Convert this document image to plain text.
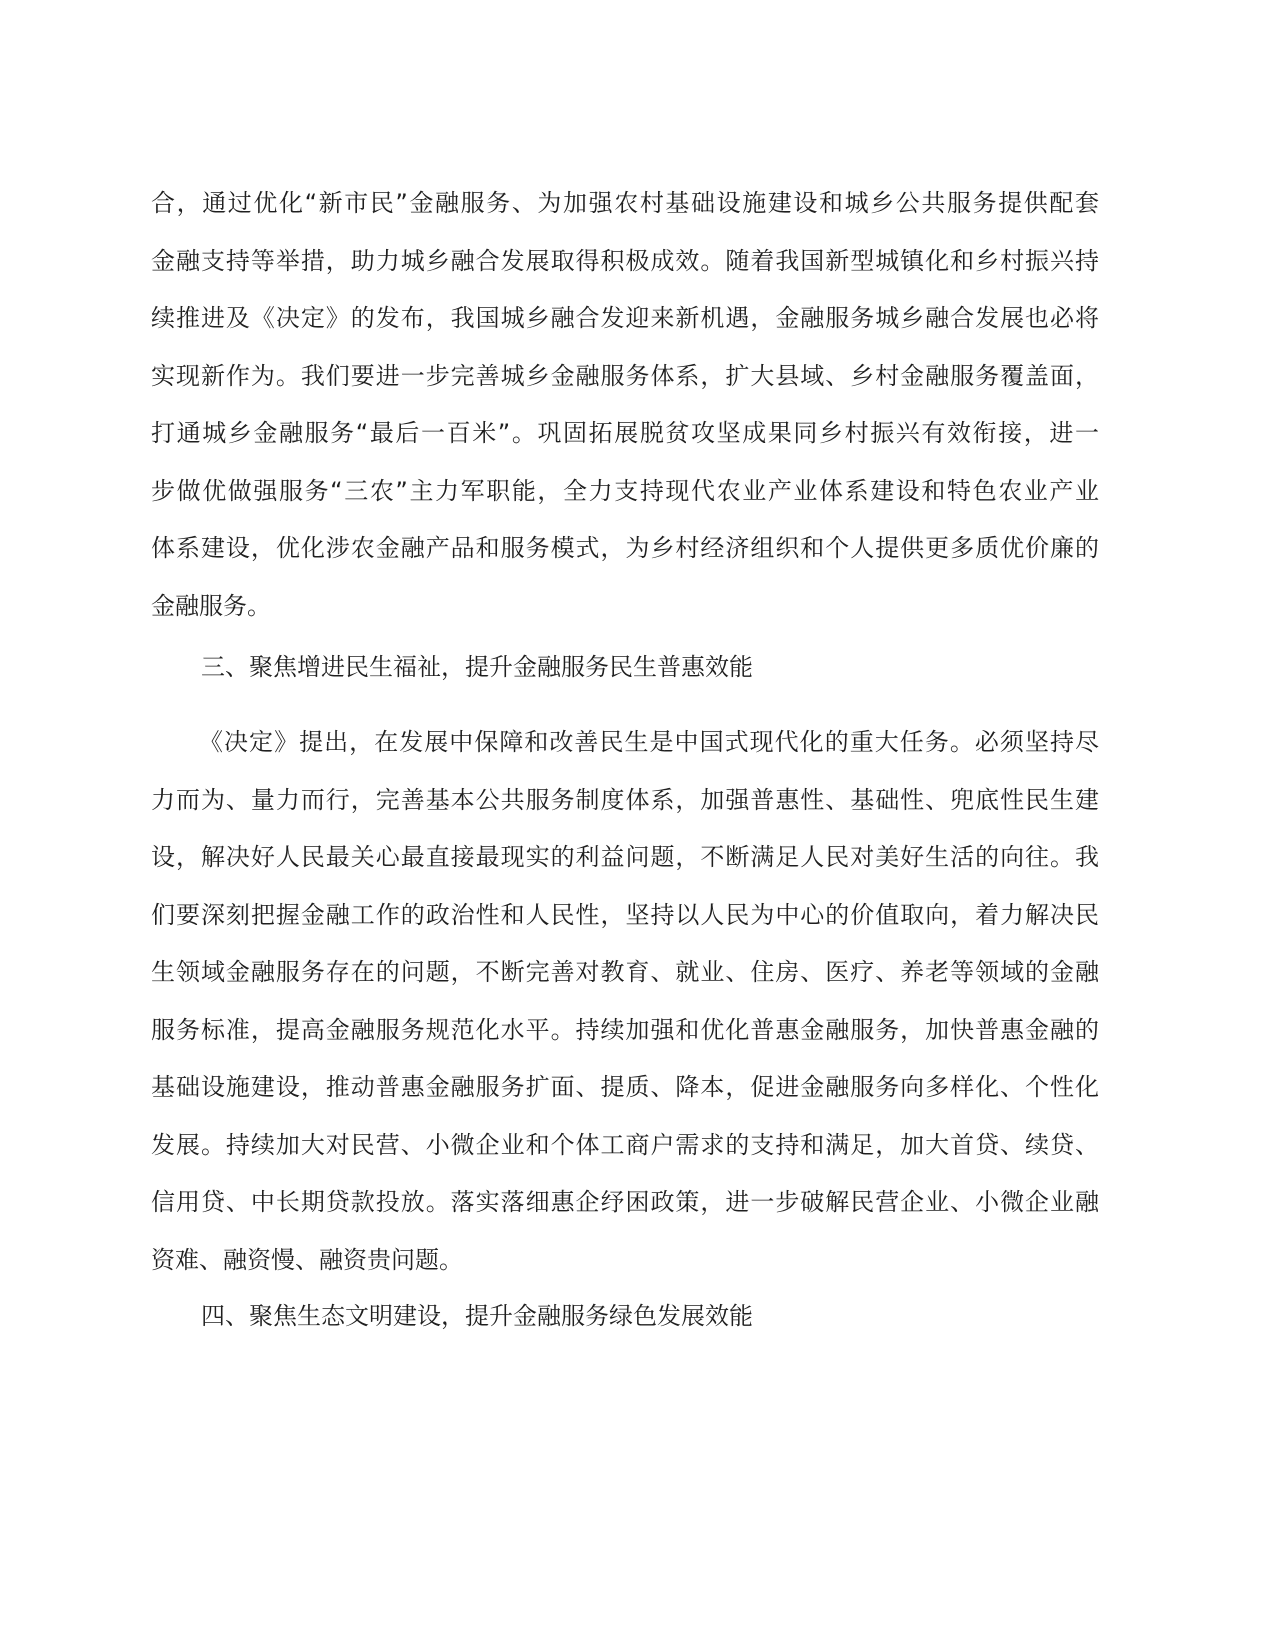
合，通过优化“新市民”金融服务、为加强农村基础设施建设和城乡公共服务提供配套
金融支持等举措，助力城乡融合发展取得积极成效。随着我国新型城镇化和乡村振兴持
续推进及《决定》的发布，我国城乡融合发迎来新机遇，金融服务城乡融合发展也必将
实现新作为。我们要进一步完善城乡金融服务体系，扩大县域、乡村金融服务覆盖面，
打通城乡金融服务“最后一百米”。巩固拓展脱贫攻坚成果同乡村振兴有效衔接，进一
步做优做强服务“三农”主力军职能，全力支持现代农业产业体系建设和特色农业产业
体系建设，优化涉农金融产品和服务模式，为乡村经济组织和个人提供更多质优价廉的
金融服务。
三、聚焦增进民生福祉，提升金融服务民生普惠效能
《决定》提出，在发展中保障和改善民生是中国式现代化的重大任务。必须坚持尽
力而为、量力而行，完善基本公共服务制度体系，加强普惠性、基础性、兜底性民生建
设，解决好人民最关心最直接最现实的利益问题，不断满足人民对美好生活的向往。我
们要深刻把握金融工作的政治性和人民性，坚持以人民为中心的价值取向，着力解决民
生领域金融服务存在的问题，不断完善对教育、就业、住房、医疗、养老等领域的金融
服务标准，提高金融服务规范化水平。持续加强和优化普惠金融服务，加快普惠金融的
基础设施建设，推动普惠金融服务扩面、提质、降本，促进金融服务向多样化、个性化
发展。持续加大对民营、小微企业和个体工商户需求的支持和满足，加大首贷、续贷、
信用贷、中长期贷款投放。落实落细惠企纾困政策，进一步破解民营企业、小微企业融
资难、融资慢、融资贵问题。
四、聚焦生态文明建设，提升金融服务绿色发展效能
